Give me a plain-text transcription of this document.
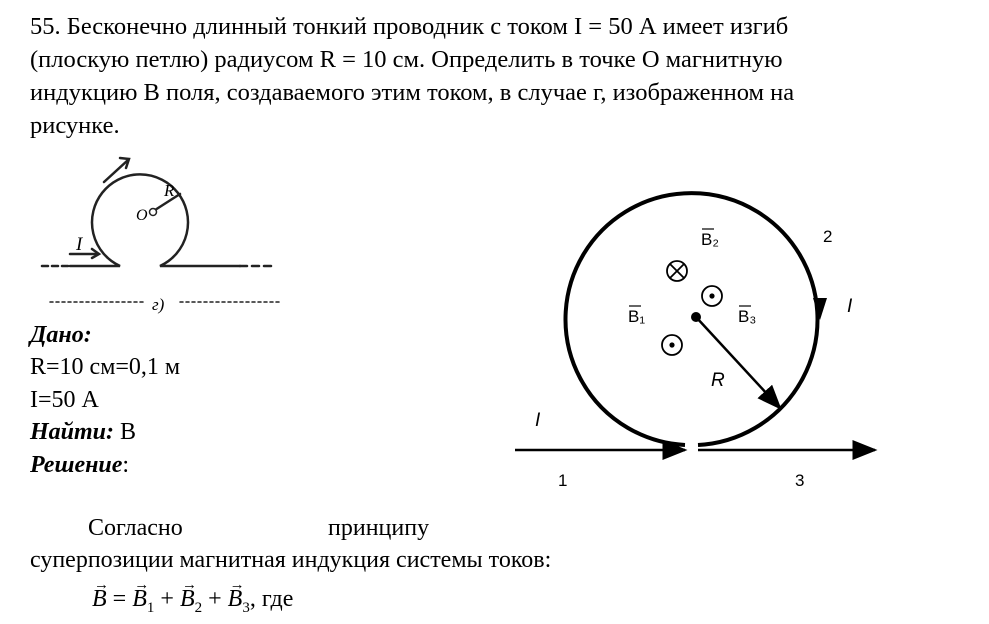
55. Бесконечно длинный тонкий проводник с током I = 50 А имеет изгиб
(плоскую петлю) радиусом R = 10 см. Определить в точке O магнитную
индукцию B поля, создаваемого этим током, в случае г, изображенном на
рисунке.
I
O
R
г)
Дано:
R=10 см=0,1 м
I=50 А
Найти: B
Решение:
B₂
B₁	B₃
2
1	3
I
I
R
Согласно	принципу
суперпозиции магнитная индукция системы токов:
→ B = → $B_1$ + → $B_2$ + → $B_3$, где
